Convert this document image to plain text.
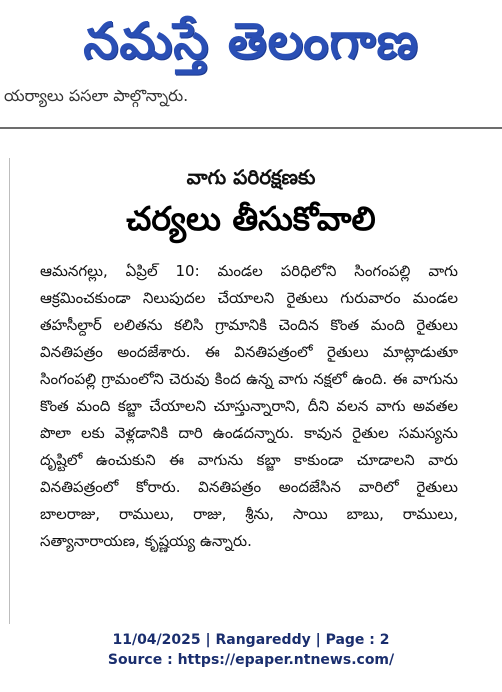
నమస్తే తెలంగాణ
యర్యాలు పసలా పాల్గొన్నారు.
వాగు పరిరక్షణకు
చర్యలు తీసుకోవాలి
ఆమనగల్లు, ఏప్రిల్ 10: మండల పరిధిలోని సింగంపల్లి వాగు ఆక్రమించకుండా నిలుపుదల చేయాలని రైతులు గురువారం మండల తహసీల్దార్ లలితను కలిసి గ్రామానికి చెందిన కొంత మంది రైతులు వినతిపత్రం అందజేశారు. ఈ వినతిపత్రంలో రైతులు మాట్లాడుతూ సింగంపల్లి గ్రామంలోని చెరువు కింద ఉన్న వాగు నక్షలో ఉంది. ఈ వాగును కొంత మంది కబ్జా చేయాలని చూస్తున్నారాని, దీని వలన వాగు అవతల పొలా లకు వెళ్లడానికి దారి ఉండదన్నారు. కావున రైతుల సమస్యను దృష్టిలో ఉంచుకుని ఈ వాగును కబ్జా కాకుండా చూడాలని వారు వినతిపత్రంలో కోరారు. వినతిపత్రం అందజేసిన వారిలో రైతులు బాలరాజు, రాములు, రాజు, శ్రీను, సాయి బాబు, రాములు, సత్యానారాయణ, కృష్ణయ్య ఉన్నారు.
11/04/2025 | Rangareddy | Page : 2
Source : https://epaper.ntnews.com/
